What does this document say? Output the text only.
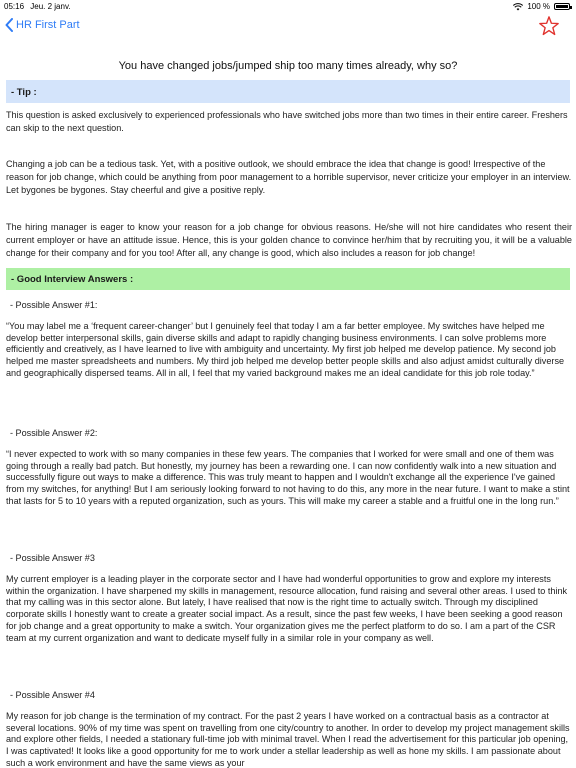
05:16 Jeu. 2 janv.	100 %
HR First Part
You have changed jobs/jumped ship too many times already, why so?
- Tip :
This question is asked exclusively to experienced professionals who have switched jobs more than two times in their entire career. Freshers can skip to the next question.
Changing a job can be a tedious task. Yet, with a positive outlook, we should embrace the idea that change is good! Irrespective of the reason for job change, which could be anything from poor management to a horrible supervisor, never criticize your employer in an interview. Let bygones be bygones. Stay cheerful and give a positive reply.
The hiring manager is eager to know your reason for a job change for obvious reasons. He/she will not hire candidates who resent their current employer or have an attitude issue. Hence, this is your golden chance to convince her/him that by recruiting you, it will be a valuable change for their company and for you too! After all, any change is good, which also includes a reason for job change!
- Good Interview Answers :
- Possible Answer #1:
“You may label me a ‘frequent career-changer’ but I genuinely feel that today I am a far better employee. My switches have helped me develop better interpersonal skills, gain diverse skills and adapt to rapidly changing business environments. I can solve problems more efficiently and creatively, as I have learned to live with ambiguity and uncertainty. My first job helped me develop patience. My second job helped me master spreadsheets and numbers. My third job helped me develop better people skills and also adjust amidst culturally diverse and geographically dispersed teams. All in all, I feel that my varied background makes me an ideal candidate for this job role today.”
- Possible Answer #2:
“I never expected to work with so many companies in these few years. The companies that I worked for were small and one of them was going through a really bad patch. But honestly, my journey has been a rewarding one. I can now confidently walk into a new situation and successfully figure out ways to make a difference. This was truly meant to happen and I wouldn't exchange all the experience I've gained from my switches, for anything! But I am seriously looking forward to not having to do this, any more in the near future. I want to make a stint that lasts for 5 to 10 years with a reputed organization, such as yours. This will make my career a stable and a fruitful one in the long run.”
- Possible Answer #3
My current employer is a leading player in the corporate sector and I have had wonderful opportunities to grow and explore my interests within the organization. I have sharpened my skills in management, resource allocation, fund raising and several other areas. I used to think that my calling was in this sector alone. But lately, I have realised that now is the right time to actually switch. Through my disciplined corporate skills I honestly want to create a greater social impact. As a result, since the past few weeks, I have been seeking a good reason for job change and a great opportunity to make a switch. Your organization gives me the perfect platform to do so. I am a part of the CSR team at my current organization and want to dedicate myself fully in a similar role in your company as well.
- Possible Answer #4
My reason for job change is the termination of my contract. For the past 2 years I have worked on a contractual basis as a contractor at several locations. 90% of my time was spent on travelling from one city/country to another. In order to develop my project management skills and explore other fields, I needed a stationary full-time job with minimal travel. When I read the advertisement for this particular job opening, I was captivated! It looks like a good opportunity for me to work under a stellar leadership as well as hone my skills. I am passionate about such a work environment and have the same views as your
